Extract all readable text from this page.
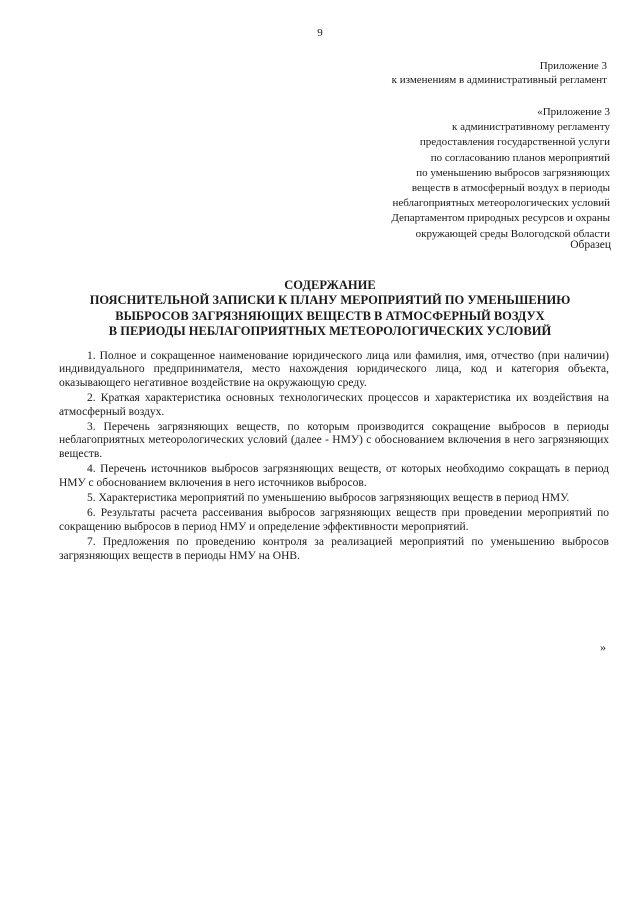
9
Приложение 3
к изменениям в административный регламент
«Приложение 3
к административному регламенту
предоставления государственной услуги
по согласованию планов мероприятий
по уменьшению выбросов загрязняющих
веществ в атмосферный воздух в периоды
неблагоприятных метеорологических условий
Департаментом природных ресурсов и охраны
окружающей среды Вологодской области
Образец
СОДЕРЖАНИЕ
ПОЯСНИТЕЛЬНОЙ ЗАПИСКИ К ПЛАНУ МЕРОПРИЯТИЙ ПО УМЕНЬШЕНИЮ
ВЫБРОСОВ ЗАГРЯЗНЯЮЩИХ ВЕЩЕСТВ В АТМОСФЕРНЫЙ ВОЗДУХ
В ПЕРИОДЫ НЕБЛАГОПРИЯТНЫХ МЕТЕОРОЛОГИЧЕСКИХ УСЛОВИЙ

1. Полное и сокращенное наименование юридического лица или фамилия, имя, отчество (при наличии) индивидуального предпринимателя, место нахождения юридического лица, код и категория объекта, оказывающего негативное воздействие на окружающую среду.

2. Краткая характеристика основных технологических процессов и характеристика их воздействия на атмосферный воздух.

3. Перечень загрязняющих веществ, по которым производится сокращение выбросов в периоды неблагоприятных метеорологических условий (далее - НМУ) с обоснованием включения в него загрязняющих веществ.

4. Перечень источников выбросов загрязняющих веществ, от которых необходимо сокращать в период НМУ с обоснованием включения в него источников выбросов.

5. Характеристика мероприятий по уменьшению выбросов загрязняющих веществ в период НМУ.

6. Результаты расчета рассеивания выбросов загрязняющих веществ при проведении мероприятий по сокращению выбросов в период НМУ и определение эффективности мероприятий.

7. Предложения по проведению контроля за реализацией мероприятий по уменьшению выбросов загрязняющих веществ в периоды НМУ на ОНВ.

»
